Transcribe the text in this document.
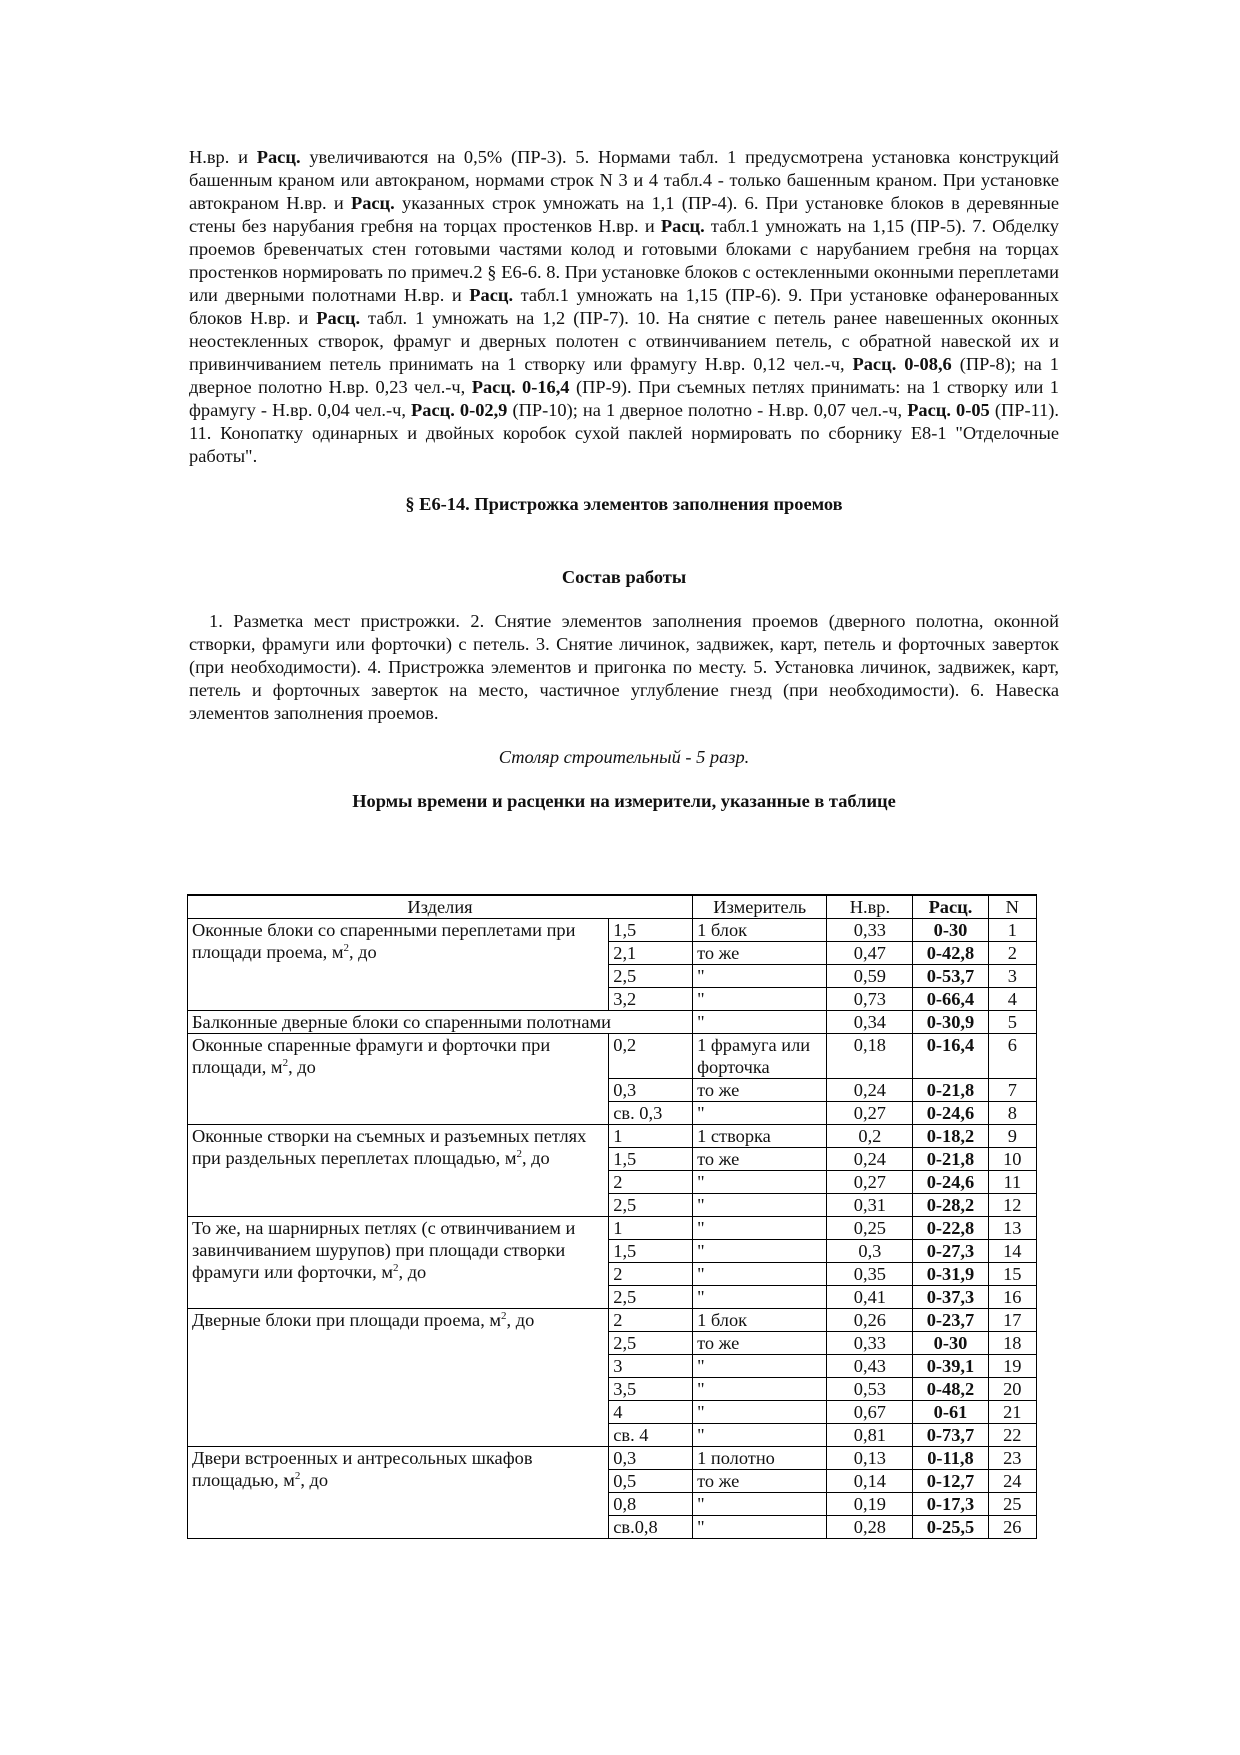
Н.вр. и Расц. увеличиваются на 0,5% (ПР-3). 5. Нормами табл. 1 предусмотрена установка конструкций башенным краном или автокраном, нормами строк N 3 и 4 табл.4 - только башенным краном. При установке автокраном Н.вр. и Расц. указанных строк умножать на 1,1 (ПР-4). 6. При установке блоков в деревянные стены без нарубания гребня на торцах простенков Н.вр. и Расц. табл.1 умножать на 1,15 (ПР-5). 7. Обделку проемов бревенчатых стен готовыми частями колод и готовыми блоками с нарубанием гребня на торцах простенков нормировать по примеч.2 § Е6-6. 8. При установке блоков с остекленными оконными переплетами или дверными полотнами Н.вр. и Расц. табл.1 умножать на 1,15 (ПР-6). 9. При установке офанерованных блоков Н.вр. и Расц. табл. 1 умножать на 1,2 (ПР-7). 10. На снятие с петель ранее навешенных оконных неостекленных створок, фрамуг и дверных полотен с отвинчиванием петель, с обратной навеской их и привинчиванием петель принимать на 1 створку или фрамугу Н.вр. 0,12 чел.-ч, Расц. 0-08,6 (ПР-8); на 1 дверное полотно Н.вр. 0,23 чел.-ч, Расц. 0-16,4 (ПР-9). При съемных петлях принимать: на 1 створку или 1 фрамугу - Н.вр. 0,04 чел.-ч, Расц. 0-02,9 (ПР-10); на 1 дверное полотно - Н.вр. 0,07 чел.-ч, Расц. 0-05 (ПР-11). 11. Конопатку одинарных и двойных коробок сухой паклей нормировать по сборнику Е8-1 "Отделочные работы".

§ Е6-14. Пристрожка элементов заполнения проемов

Состав работы

1. Разметка мест пристрожки. 2. Снятие элементов заполнения проемов (дверного полотна, оконной створки, фрамуги или форточки) с петель. 3. Снятие личинок, задвижек, карт, петель и форточных заверток (при необходимости). 4. Пристрожка элементов и пригонка по месту. 5. Установка личинок, задвижек, карт, петель и форточных заверток на место, частичное углубление гнезд (при необходимости). 6. Навеска элементов заполнения проемов.

Столяр строительный - 5 разр.

Нормы времени и расценки на измерители, указанные в таблице

Изделия		Измеритель	Н.вр.	Расц.	N
Оконные блоки со спаренными переплетами при площади проема, $м^2$, до	1,5	1 блок	0,33	0-30	1
	2,1	то же	0,47	0-42,8	2
	2,5	"	0,59	0-53,7	3
	3,2	"	0,73	0-66,4	4
Балконные дверные блоки со спаренными полотнами		"	0,34	0-30,9	5
Оконные спаренные фрамуги и форточки при площади, $м^2$, до	0,2	1 фрамуга или форточка	0,18	0-16,4	6
	0,3	то же	0,24	0-21,8	7
	св. 0,3	"	0,27	0-24,6	8
Оконные створки на съемных и разъемных петлях при раздельных переплетах площадью, $м^2$, до	1	1 створка	0,2	0-18,2	9
	1,5	то же	0,24	0-21,8	10
	2	"	0,27	0-24,6	11
	2,5	"	0,31	0-28,2	12
То же, на шарнирных петлях (с отвинчиванием и завинчиванием шурупов) при площади створки фрамуги или форточки, $м^2$, до	1	"	0,25	0-22,8	13
	1,5	"	0,3	0-27,3	14
	2	"	0,35	0-31,9	15
	2,5	"	0,41	0-37,3	16
Дверные блоки при площади проема, $м^2$, до	2	1 блок	0,26	0-23,7	17
	2,5	то же	0,33	0-30	18
	3	"	0,43	0-39,1	19
	3,5	"	0,53	0-48,2	20
	4	"	0,67	0-61	21
	св. 4	"	0,81	0-73,7	22
Двери встроенных и антресольных шкафов площадью, $м^2$, до	0,3	1 полотно	0,13	0-11,8	23
	0,5	то же	0,14	0-12,7	24
	0,8	"	0,19	0-17,3	25
	св.0,8	"	0,28	0-25,5	26
